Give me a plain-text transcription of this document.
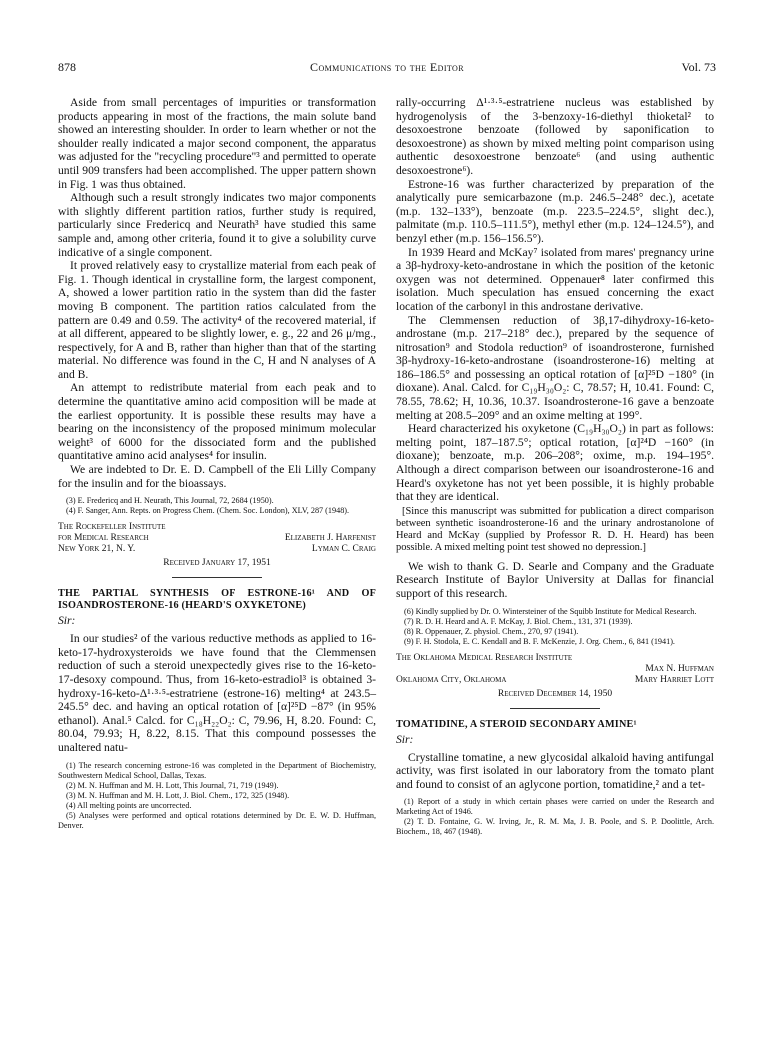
878	Communications to the Editor	Vol. 73

Aside from small percentages of impurities or transformation products appearing in most of the fractions, the main solute band showed an interesting shoulder. In order to learn whether or not the shoulder really indicated a major second component, the apparatus was adjusted for the "recycling procedure"³ and permitted to operate until 909 transfers had been accomplished. The upper pattern shown in Fig. 1 was thus obtained.

Although such a result strongly indicates two major components with slightly different partition ratios, further study is required, particularly since Fredericq and Neurath³ have studied this same sample and, among other criteria, found it to give a solubility curve indicative of a single component.

It proved relatively easy to crystallize material from each peak of Fig. 1. Though identical in crystalline form, the largest component, A, showed a lower partition ratio in the system than did the faster moving B component. The partition ratios calculated from the pattern are 0.49 and 0.59. The activity⁴ of the recovered material, if at all different, appeared to be slightly lower, e. g., 22 and 26 μ/mg., respectively, for A and B, rather than higher than that of the starting material. No difference was found in the C, H and N analyses of A and B.

An attempt to redistribute material from each peak and to determine the quantitative amino acid composition will be made at the earliest opportunity. It is possible these results may have a bearing on the inconsistency of the proposed minimum molecular weight³ of 6000 for the dissociated form and the published quantitative amino acid analyses⁴ for insulin.

We are indebted to Dr. E. D. Campbell of the Eli Lilly Company for the insulin and for the bioassays.

(3) E. Fredericq and H. Neurath, This Journal, 72, 2684 (1950).

(4) F. Sanger, Ann. Repts. on Progress Chem. (Chem. Soc. London), XLV, 287 (1948).

The Rockefeller Institute
for Medical Research	Elizabeth J. Harfenist
New York 21, N. Y.	Lyman C. Craig
Received January 17, 1951
THE PARTIAL SYNTHESIS OF ESTRONE-16¹ AND OF ISOANDROSTERONE-16 (HEARD'S OXYKETONE)
Sir:

In our studies² of the various reductive methods as applied to 16-keto-17-hydroxysteroids we have found that the Clemmensen reduction of such a steroid unexpectedly gives rise to the 16-keto-17-desoxy compound. Thus, from 16-keto-estradiol³ is obtained 3-hydroxy-16-keto-Δ¹·³·⁵-estratriene (estrone-16) melting⁴ at 243.5–245.5° dec. and having an optical rotation of [α]²⁵D −87° (in 95% ethanol). Anal.⁵ Calcd. for C₁₈H₂₂O₂: C, 79.96, H, 8.20. Found: C, 80.04, 79.93; H, 8.22, 8.15. That this compound possesses the unaltered natu-

(1) The research concerning estrone-16 was completed in the Department of Biochemistry, Southwestern Medical School, Dallas, Texas.

(2) M. N. Huffman and M. H. Lott, This Journal, 71, 719 (1949).

(3) M. N. Huffman and M. H. Lott, J. Biol. Chem., 172, 325 (1948).

(4) All melting points are uncorrected.

(5) Analyses were performed and optical rotations determined by Dr. E. W. D. Huffman, Denver.

rally-occurring Δ¹·³·⁵-estratriene nucleus was established by hydrogenolysis of the 3-benzoxy-16-diethyl thioketal² to desoxoestrone benzoate (followed by saponification to desoxoestrone) as shown by mixed melting point comparison using authentic desoxoestrone benzoate⁶ (and using authentic desoxoestrone⁶).

Estrone-16 was further characterized by preparation of the analytically pure semicarbazone (m.p. 246.5–248° dec.), acetate (m.p. 132–133°), benzoate (m.p. 223.5–224.5°, slight dec.), palmitate (m.p. 110.5–111.5°), methyl ether (m.p. 124–124.5°), and benzyl ether (m.p. 156–156.5°).

In 1939 Heard and McKay⁷ isolated from mares' pregnancy urine a 3β-hydroxy-keto-androstane in which the position of the ketonic oxygen was not determined. Oppenauer⁸ later confirmed this isolation. Much speculation has ensued concerning the exact location of the carbonyl in this androstane derivative.

The Clemmensen reduction of 3β,17-dihydroxy-16-keto-androstane (m.p. 217–218° dec.), prepared by the sequence of nitrosation⁹ and Stodola reduction⁹ of isoandrosterone, furnished 3β-hydroxy-16-keto-androstane (isoandrosterone-16) melting at 186–186.5° and possessing an optical rotation of [α]²⁵D −180° (in dioxane). Anal. Calcd. for C₁₉H₃₀O₂: C, 78.57; H, 10.41. Found: C, 78.55, 78.62; H, 10.36, 10.37. Isoandrosterone-16 gave a benzoate melting at 208.5–209° and an oxime melting at 199°.

Heard characterized his oxyketone (C₁₉H₃₀O₂) in part as follows: melting point, 187–187.5°; optical rotation, [α]²⁴D −160° (in dioxane); benzoate, m.p. 206–208°; oxime, m.p. 194–195°. Although a direct comparison between our isoandrosterone-16 and Heard's oxyketone has not yet been possible, it is highly probable that they are identical.

[Since this manuscript was submitted for publication a direct comparison between synthetic isoandrosterone-16 and the urinary androstanolone of Heard and McKay (supplied by Professor R. D. H. Heard) has been possible. A mixed melting point test showed no depression.]

We wish to thank G. D. Searle and Company and the Graduate Research Institute of Baylor University at Dallas for financial support of this research.

(6) Kindly supplied by Dr. O. Wintersteiner of the Squibb Institute for Medical Research.

(7) R. D. H. Heard and A. F. McKay, J. Biol. Chem., 131, 371 (1939).

(8) R. Oppenauer, Z. physiol. Chem., 270, 97 (1941).

(9) F. H. Stodola, E. C. Kendall and B. F. McKenzie, J. Org. Chem., 6, 841 (1941).

The Oklahoma Medical Research Institute
Max N. Huffman
Oklahoma City, Oklahoma	Mary Harriet Lott
Received December 14, 1950
TOMATIDINE, A STEROID SECONDARY AMINE¹
Sir:

Crystalline tomatine, a new glycosidal alkaloid having antifungal activity, was first isolated in our laboratory from the tomato plant and found to consist of an aglycone portion, tomatidine,² and a tet-

(1) Report of a study in which certain phases were carried on under the Research and Marketing Act of 1946.

(2) T. D. Fontaine, G. W. Irving, Jr., R. M. Ma, J. B. Poole, and S. P. Doolittle, Arch. Biochem., 18, 467 (1948).
